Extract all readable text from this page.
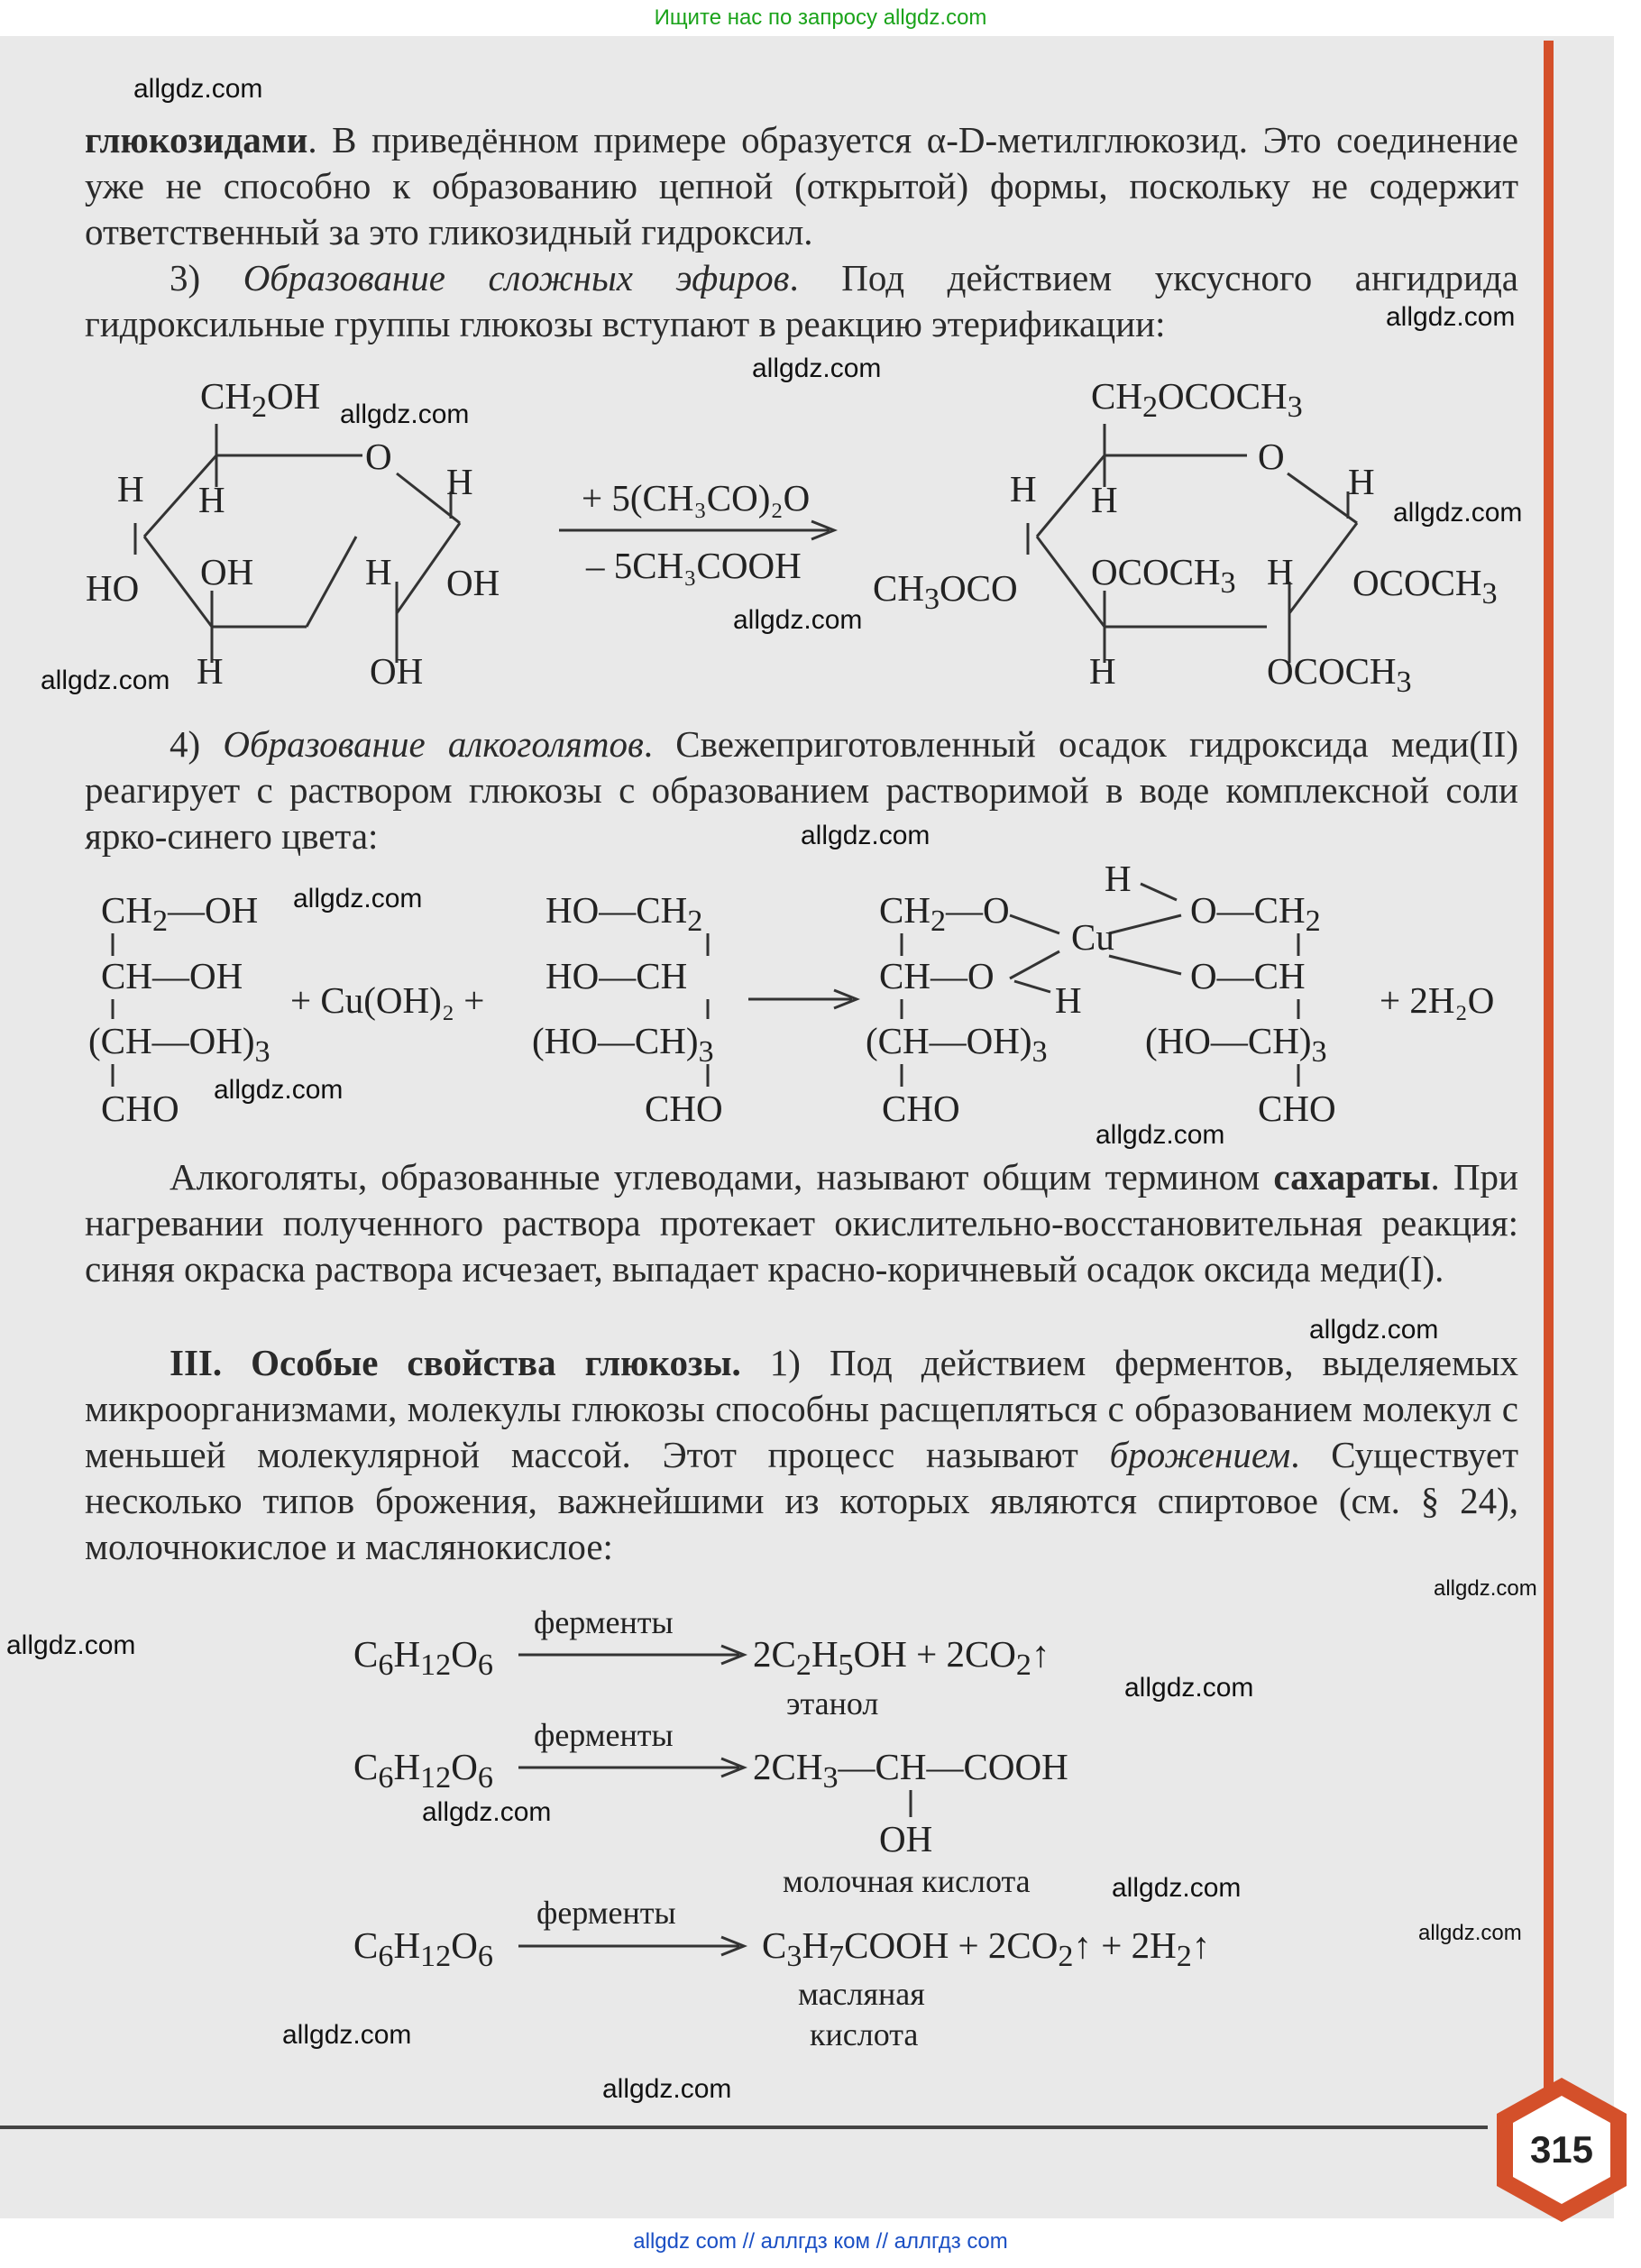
Ищите нас по запросу allgdz.com
глюкозидами. В приведённом примере образуется α-D-метилглюкозид. Это соединение уже не способно к образованию цепной (открытой) формы, поскольку не содержит ответственный за это гликозидный гидроксил.
3) Образование сложных эфиров. Под действием уксусного ангидрида гидроксильные группы глюкозы вступают в реакцию этерификации:
$CH_2OH$
O
H H	H
HO OH	H OH
H	OH
+ 5(CH₃CO)₂O
– 5CH₃COOH
$CH_2OCOCH_3$
O
H H	H
$CH_3OCO$ $OCOCH_3$ H $OCOCH_3$
H	$OCOCH_3$
4) Образование алкоголятов. Свежеприготовленный осадок гидроксида меди(II) реагирует с раствором глюкозы с образованием растворимой в воде комплексной соли ярко-синего цвета:
$CH_2—OH$
CH—OH
$(CH—OH)_3$
CHO
+ Cu(OH)₂ +
$HO—CH_2$
HO—CH
$(HO—CH)_3$
CHO
$CH_2—O$
CH—O
$(CH—OH)_3$
CHO
Cu
H
H
$O—CH_2$
O—CH
$(HO—CH)_3$
CHO
+ 2H₂O
Алкоголяты, образованные углеводами, называют общим термином сахараты. При нагревании полученного раствора протекает окислительно-восстановительная реакция: синяя окраска раствора исчезает, выпадает красно-коричневый осадок оксида меди(I).
III. Особые свойства глюкозы. 1) Под действием ферментов, выделяемых микроорганизмами, молекулы глюкозы способны расщепляться с образованием молекул с меньшей молекулярной массой. Этот процесс называют брожением. Существует несколько типов брожения, важнейшими из которых являются спиртовое (см. § 24), молочнокислое и маслянокислое:
$C_6H_{12}O_6$
ферменты
$2C_2H_5OH$ + $2CO_2↑$
этанол
$C_6H_{12}O_6$
ферменты
$2CH_3—CH—COOH$
OH
молочная кислота
$C_6H_{12}O_6$
ферменты
$C_3H_7COOH$ + $2CO_2↑$ + $2H_2↑$
масляная
кислота
315
allgdz.com
allgdz.com
allgdz.com
allgdz.com
allgdz.com
allgdz.com
allgdz.com
allgdz.com
allgdz.com
allgdz.com
allgdz.com
allgdz.com
allgdz.com
allgdz.com
allgdz.com
allgdz.com
allgdz.com
allgdz.com
allgdz.com
allgdz.com
allgdz com // аллгдз ком // аллгдз com
